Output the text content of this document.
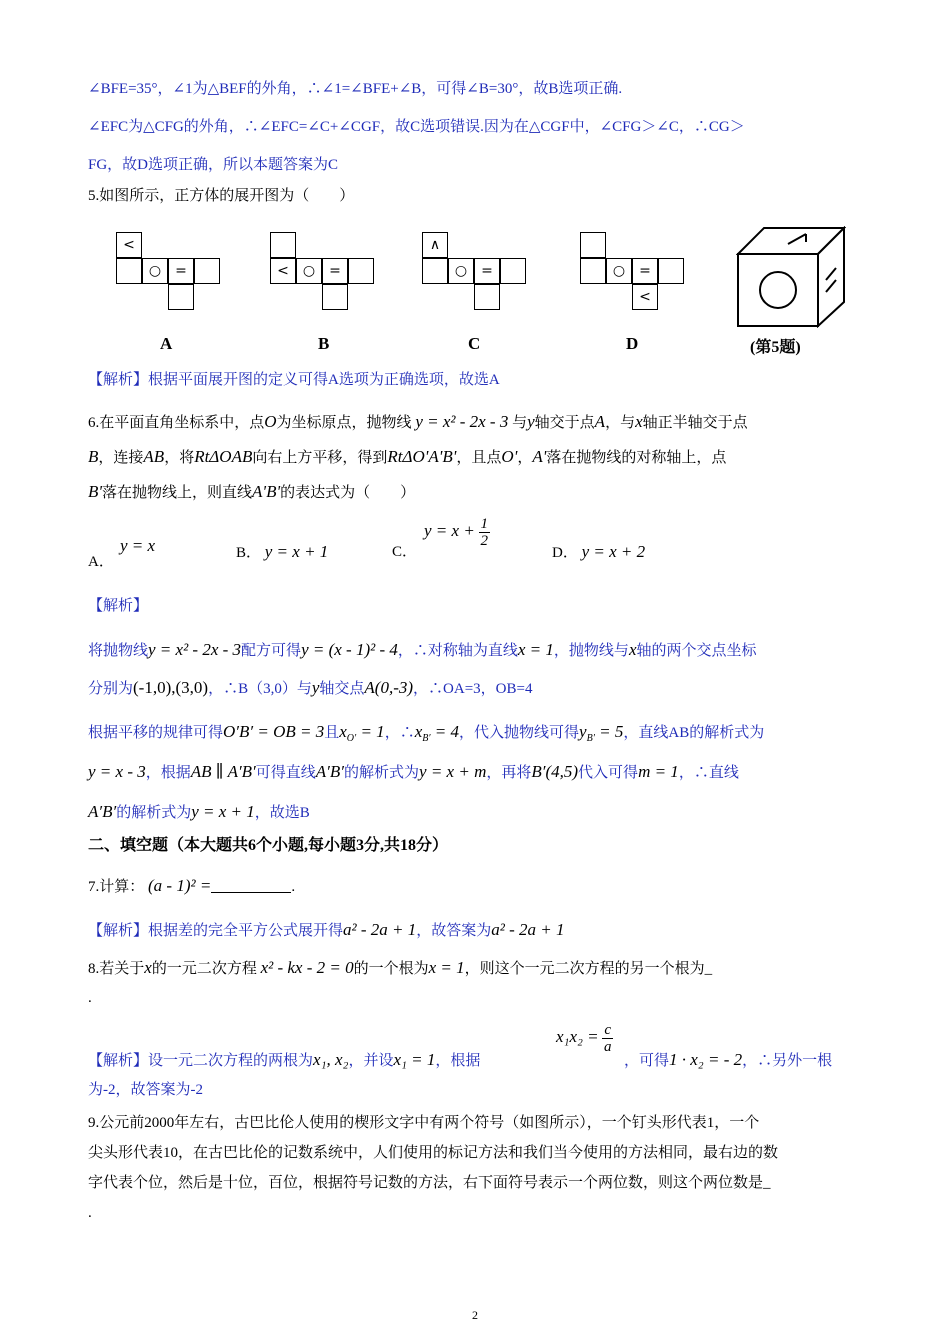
∠BFE=35°，∠1为△BEF的外角，∴∠1=∠BFE+∠B，可得∠B=30°，故B选项正确.
∠EFC为△CFG的外角，∴∠EFC=∠C+∠CGF，故C选项错误.因为在△CGF中，∠CFG＞∠C，∴CG＞
FG，故D选项正确，所以本题答案为C
5.如图所示，正方体的展开图为（　　）
<
○	=
A
<	○	=
B
∧
○	=
C
○	=
<
D	(第5题)
【解析】根据平面展开图的定义可得A选项为正确选项，故选A
6.在平面直角坐标系中，点O为坐标原点，抛物线 y = x² - 2x - 3 与y轴交于点A，与x轴正半轴交于点
B，连接AB，将RtΔOAB向右上方平移，得到RtΔO'A'B'，且点O'，A'落在抛物线的对称轴上，点
B'落在抛物线上，则直线A'B'的表达式为（　　）
A．
y = x	B． y = x + 1	C．
$y = x + \frac{1}{2}$
D． y = x + 2
【解析】
将抛物线y = x² - 2x - 3配方可得y = (x - 1)² - 4，∴对称轴为直线x = 1，抛物线与x轴的两个交点坐标
分别为(-1,0),(3,0)，∴B（3,0）与y轴交点A(0,-3)，∴OA=3，OB=4
根据平移的规律可得O′B′ = OB = 3且$x_{O'} = 1$，$\therefore x_{B'} = 4$，代入抛物线可得$y_{B'} = 5$，直线AB的解析式为
y = x - 3，根据AB ∥ A′B′可得直线A′B′的解析式为y = x + m，再将B′(4,5)代入可得m = 1，∴直线
A′B′的解析式为y = x + 1，故选B
二、填空题（本大题共6个小题,每小题3分,共18分）
7.计算： (a - 1)² =	.
【解析】根据差的完全平方公式展开得a² - 2a + 1，故答案为a² - 2a + 1
8.若关于x的一元二次方程 x² - kx - 2 = 0的一个根为x = 1，则这个一元二次方程的另一个根为_
.
【解析】设一元二次方程的两根为x₁, x₂，并设x₁ = 1，根据
$x_1x_2 = \frac{c}{a}$
，可得1 · x₂ = - 2，∴另外一根
为-2，故答案为-2
9.公元前2000年左右，古巴比伦人使用的楔形文字中有两个符号（如图所示），一个钉头形代表1，一个
尖头形代表10，在古巴比伦的记数系统中，人们使用的标记方法和我们当今使用的方法相同，最右边的数
字代表个位，然后是十位，百位，根据符号记数的方法，右下面符号表示一个两位数，则这个两位数是_
.
2
